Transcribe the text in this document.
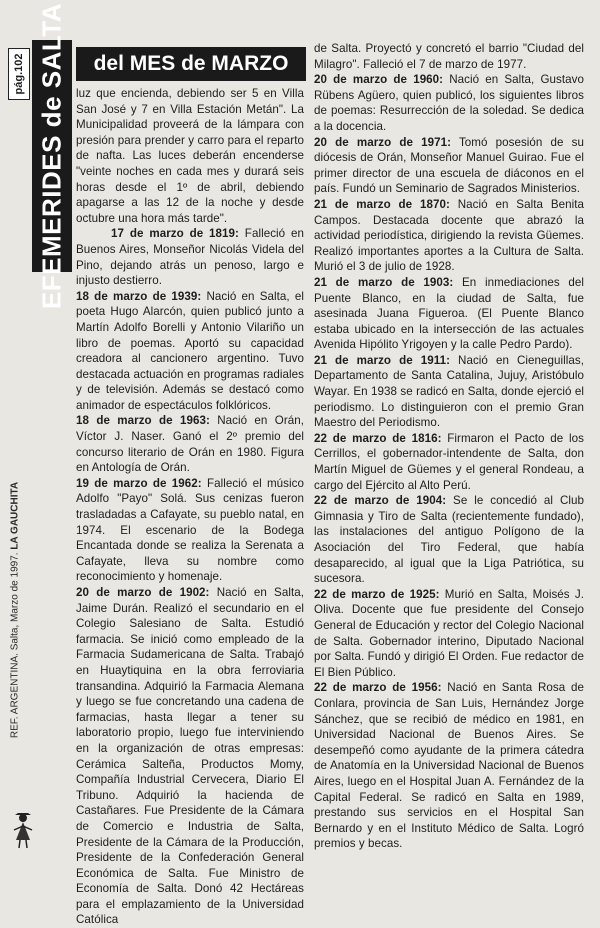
REF. ARGENTINA. Salta, Marzo de 1997. LA GAUCHITA
pág.102 EFEMERIDES de SALTA	del MES de MARZO

luz que encienda, debiendo ser 5 en Villa San José y 7 en Villa Estación Metán". La Municipalidad proveerá de la lámpara con presión para prender y carro para el reparto de nafta. Las luces deberán encenderse "veinte noches en cada mes y durará seis horas desde el 1º de abril, debiendo apagarse a las 12 de la noche y desde octubre una hora más tarde".

17 de marzo de 1819: Falleció en Buenos Aires, Monseñor Nicolás Videla del Pino, dejando atrás un penoso, largo e injusto destierro.

18 de marzo de 1939: Nació en Salta, el poeta Hugo Alarcón, quien publicó junto a Martín Adolfo Borelli y Antonio Vilariño un libro de poemas. Aportó su capacidad creadora al cancionero argentino. Tuvo destacada actuación en programas radiales y de televisión. Además se destacó como animador de espectáculos folklóricos.

18 de marzo de 1963: Nació en Orán, Víctor J. Naser. Ganó el 2º premio del concurso literario de Orán en 1980. Figura en Antología de Orán.

19 de marzo de 1962: Falleció el músico Adolfo "Payo" Solá. Sus cenizas fueron trasladadas a Cafayate, su pueblo natal, en 1974. El escenario de la Bodega Encantada donde se realiza la Serenata a Cafayate, lleva su nombre como reconocimiento y homenaje.

20 de marzo de 1902: Nació en Salta, Jaime Durán. Realizó el secundario en el Colegio Salesiano de Salta. Estudió farmacia. Se inició como empleado de la Farmacia Sudamericana de Salta. Trabajó en Huaytiquina en la obra ferroviaria transandina. Adquirió la Farmacia Alemana y luego se fue concretando una cadena de farmacias, hasta llegar a tener su laboratorio propio, luego fue interviniendo en la organización de otras empresas: Cerámica Salteña, Productos Momy, Compañía Industrial Cervecera, Diario El Tribuno. Adquirió la hacienda de Castañares. Fue Presidente de la Cámara de Comercio e Industria de Salta, Presidente de la Cámara de la Producción, Presidente de la Confederación General Económica de Salta. Fue Ministro de Economía de Salta. Donó 42 Hectáreas para el emplazamiento de la Universidad Católica

de Salta. Proyectó y concretó el barrio "Ciudad del Milagro". Falleció el 7 de marzo de 1977.

20 de marzo de 1960: Nació en Salta, Gustavo Rübens Agüero, quien publicó, los siguientes libros de poemas: Resurrección de la soledad. Se dedica a la docencia.

20 de marzo de 1971: Tomó posesión de su diócesis de Orán, Monseñor Manuel Guirao. Fue el primer director de una escuela de diáconos en el país. Fundó un Seminario de Sagrados Ministerios.

21 de marzo de 1870: Nació en Salta Benita Campos. Destacada docente que abrazó la actividad periodística, dirigiendo la revista Güemes. Realizó importantes aportes a la Cultura de Salta. Murió el 3 de julio de 1928.

21 de marzo de 1903: En inmediaciones del Puente Blanco, en la ciudad de Salta, fue asesinada Juana Figueroa. (El Puente Blanco estaba ubicado en la intersección de las actuales Avenida Hipólito Yrigoyen y la calle Pedro Pardo).

21 de marzo de 1911: Nació en Cieneguillas, Departamento de Santa Catalina, Jujuy, Aristóbulo Wayar. En 1938 se radicó en Salta, donde ejerció el periodismo. Lo distinguieron con el premio Gran Maestro del Periodismo.

22 de marzo de 1816: Firmaron el Pacto de los Cerrillos, el gobernador-intendente de Salta, don Martín Miguel de Güemes y el general Rondeau, a cargo del Ejército al Alto Perú.

22 de marzo de 1904: Se le concedió al Club Gimnasia y Tiro de Salta (recientemente fundado), las instalaciones del antiguo Polígono de la Asociación del Tiro Federal, que había desaparecido, al igual que la Liga Patriótica, su sucesora.

22 de marzo de 1925: Murió en Salta, Moisés J. Oliva. Docente que fue presidente del Consejo General de Educación y rector del Colegio Nacional de Salta. Gobernador interino, Diputado Nacional por Salta. Fundó y dirigió El Orden. Fue redactor de El Bien Público.

22 de marzo de 1956: Nació en Santa Rosa de Conlara, provincia de San Luis, Hernández Jorge Sánchez, que se recibió de médico en 1981, en Universidad Nacional de Buenos Aires. Se desempeñó como ayudante de la primera cátedra de Anatomía en la Universidad Nacional de Buenos Aires, luego en el Hospital Juan A. Fernández de la Capital Federal. Se radicó en Salta en 1989, prestando sus servicios en el Hospital San Bernardo y en el Instituto Médico de Salta. Logró premios y becas.
